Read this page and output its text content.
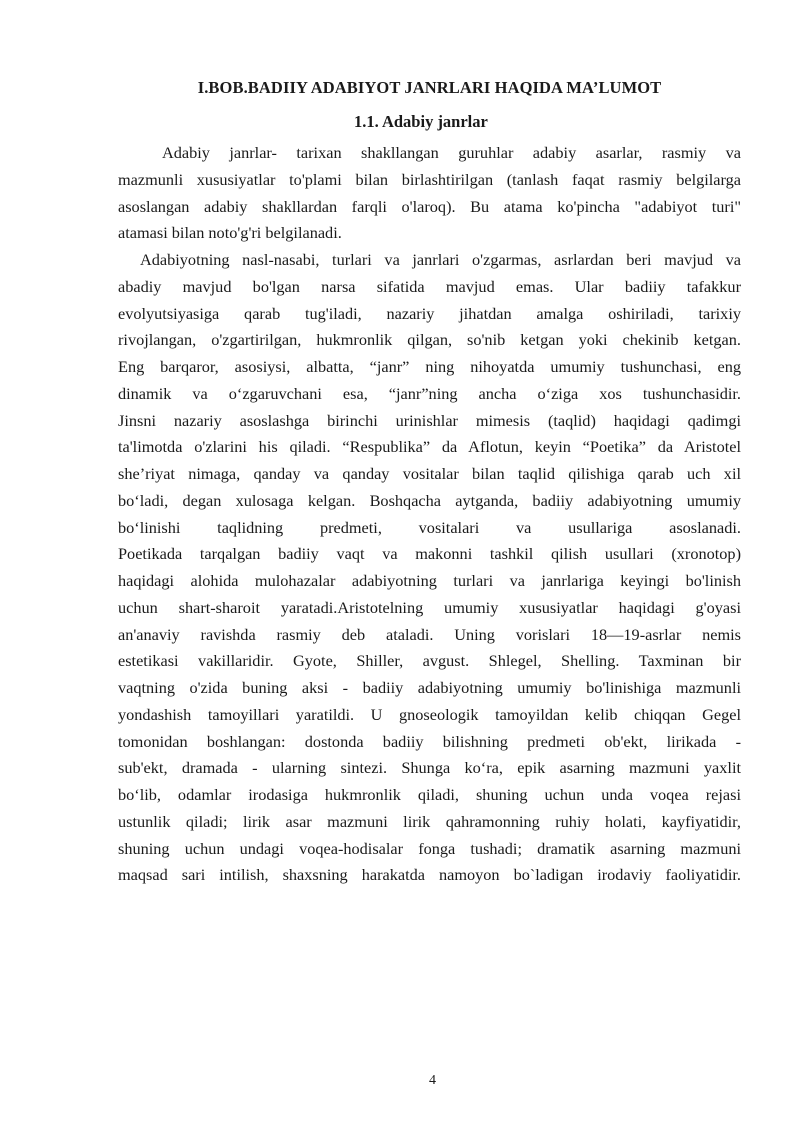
I.BOB.BADIIY ADABIYOT JANRLARI HAQIDA MA’LUMOT
1.1. Adabiy janrlar
Adabiy janrlar- tarixan shakllangan guruhlar adabiy asarlar, rasmiy va
mazmunli xususiyatlar to'plami bilan birlashtirilgan (tanlash faqat rasmiy belgilarga
asoslangan adabiy shakllardan farqli o'laroq). Bu atama ko'pincha "adabiyot turi"
atamasi bilan noto'g'ri belgilanadi.
Adabiyotning nasl-nasabi, turlari va janrlari o'zgarmas, asrlardan beri mavjud va
abadiy mavjud bo'lgan narsa sifatida mavjud emas. Ular badiiy tafakkur
evolyutsiyasiga qarab tug'iladi, nazariy jihatdan amalga oshiriladi, tarixiy
rivojlangan, o'zgartirilgan, hukmronlik qilgan, so'nib ketgan yoki chekinib ketgan.
Eng barqaror, asosiysi, albatta, “janr” ning nihoyatda umumiy tushunchasi, eng
dinamik va o‘zgaruvchani esa, “janr”ning ancha o‘ziga xos tushunchasidir.
Jinsni nazariy asoslashga birinchi urinishlar mimesis (taqlid) haqidagi qadimgi
ta'limotda o'zlarini his qiladi. “Respublika” da Aflotun, keyin “Poetika” da Aristotel
she’riyat nimaga, qanday va qanday vositalar bilan taqlid qilishiga qarab uch xil
bo‘ladi, degan xulosaga kelgan. Boshqacha aytganda, badiiy adabiyotning umumiy
bo‘linishi taqlidning predmeti, vositalari va usullariga asoslanadi.
Poetikada tarqalgan badiiy vaqt va makonni tashkil qilish usullari (xronotop)
haqidagi alohida mulohazalar adabiyotning turlari va janrlariga keyingi bo'linish
uchun shart-sharoit yaratadi.Aristotelning umumiy xususiyatlar haqidagi g'oyasi
an'anaviy ravishda rasmiy deb ataladi. Uning vorislari 18—19-asrlar nemis
estetikasi vakillaridir. Gyote, Shiller, avgust. Shlegel, Shelling. Taxminan bir
vaqtning o'zida buning aksi - badiiy adabiyotning umumiy bo'linishiga mazmunli
yondashish tamoyillari yaratildi. U gnoseologik tamoyildan kelib chiqqan Gegel
tomonidan boshlangan: dostonda badiiy bilishning predmeti ob'ekt, lirikada -
sub'ekt, dramada - ularning sintezi. Shunga ko‘ra, epik asarning mazmuni yaxlit
bo‘lib, odamlar irodasiga hukmronlik qiladi, shuning uchun unda voqea rejasi
ustunlik qiladi; lirik asar mazmuni lirik qahramonning ruhiy holati, kayfiyatidir,
shuning uchun undagi voqea-hodisalar fonga tushadi; dramatik asarning mazmuni
maqsad sari intilish, shaxsning harakatda namoyon bo`ladigan irodaviy faoliyatidir.
4
